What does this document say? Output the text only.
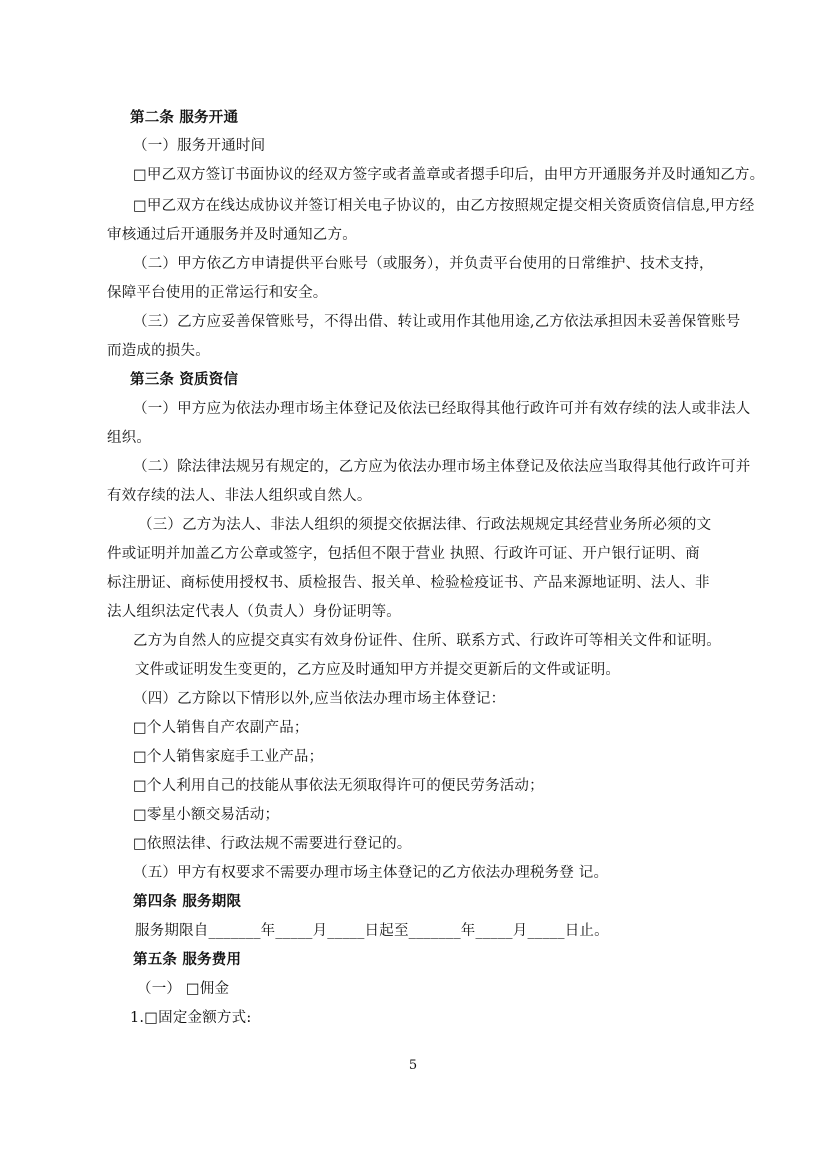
第二条 服务开通
（一）服务开通时间
□甲乙双方签订书面协议的经双方签字或者盖章或者摁手印后，由甲方开通服务并及时通知乙方。
□甲乙双方在线达成协议并签订相关电子协议的，由乙方按照规定提交相关资质资信信息,甲方经
审核通过后开通服务并及时通知乙方。
（二）甲方依乙方申请提供平台账号（或服务），并负责平台使用的日常维护、技术支持，
保障平台使用的正常运行和安全。
（三）乙方应妥善保管账号，不得出借、转让或用作其他用途,乙方依法承担因未妥善保管账号
而造成的损失。
第三条 资质资信
（一）甲方应为依法办理市场主体登记及依法已经取得其他行政许可并有效存续的法人或非法人
组织。
（二）除法律法规另有规定的，乙方应为依法办理市场主体登记及依法应当取得其他行政许可并
有效存续的法人、非法人组织或自然人。
（三）乙方为法人、非法人组织的须提交依据法律、行政法规规定其经营业务所必须的文
件或证明并加盖乙方公章或签字，包括但不限于营业 执照、行政许可证、开户银行证明、商
标注册证、商标使用授权书、质检报告、报关单、检验检疫证书、产品来源地证明、法人、非
法人组织法定代表人（负责人）身份证明等。
乙方为自然人的应提交真实有效身份证件、住所、联系方式、行政许可等相关文件和证明。
文件或证明发生变更的，乙方应及时通知甲方并提交更新后的文件或证明。
（四）乙方除以下情形以外,应当依法办理市场主体登记：
□个人销售自产农副产品；
□个人销售家庭手工业产品；
□个人利用自己的技能从事依法无须取得许可的便民劳务活动；
□零星小额交易活动；
□依照法律、行政法规不需要进行登记的。
（五）甲方有权要求不需要办理市场主体登记的乙方依法办理税务登 记。
第四条 服务期限
服务期限自_______年_____月_____日起至_______年_____月_____日止。
第五条 服务费用
（一） □佣金
1.□固定金额方式:
5
